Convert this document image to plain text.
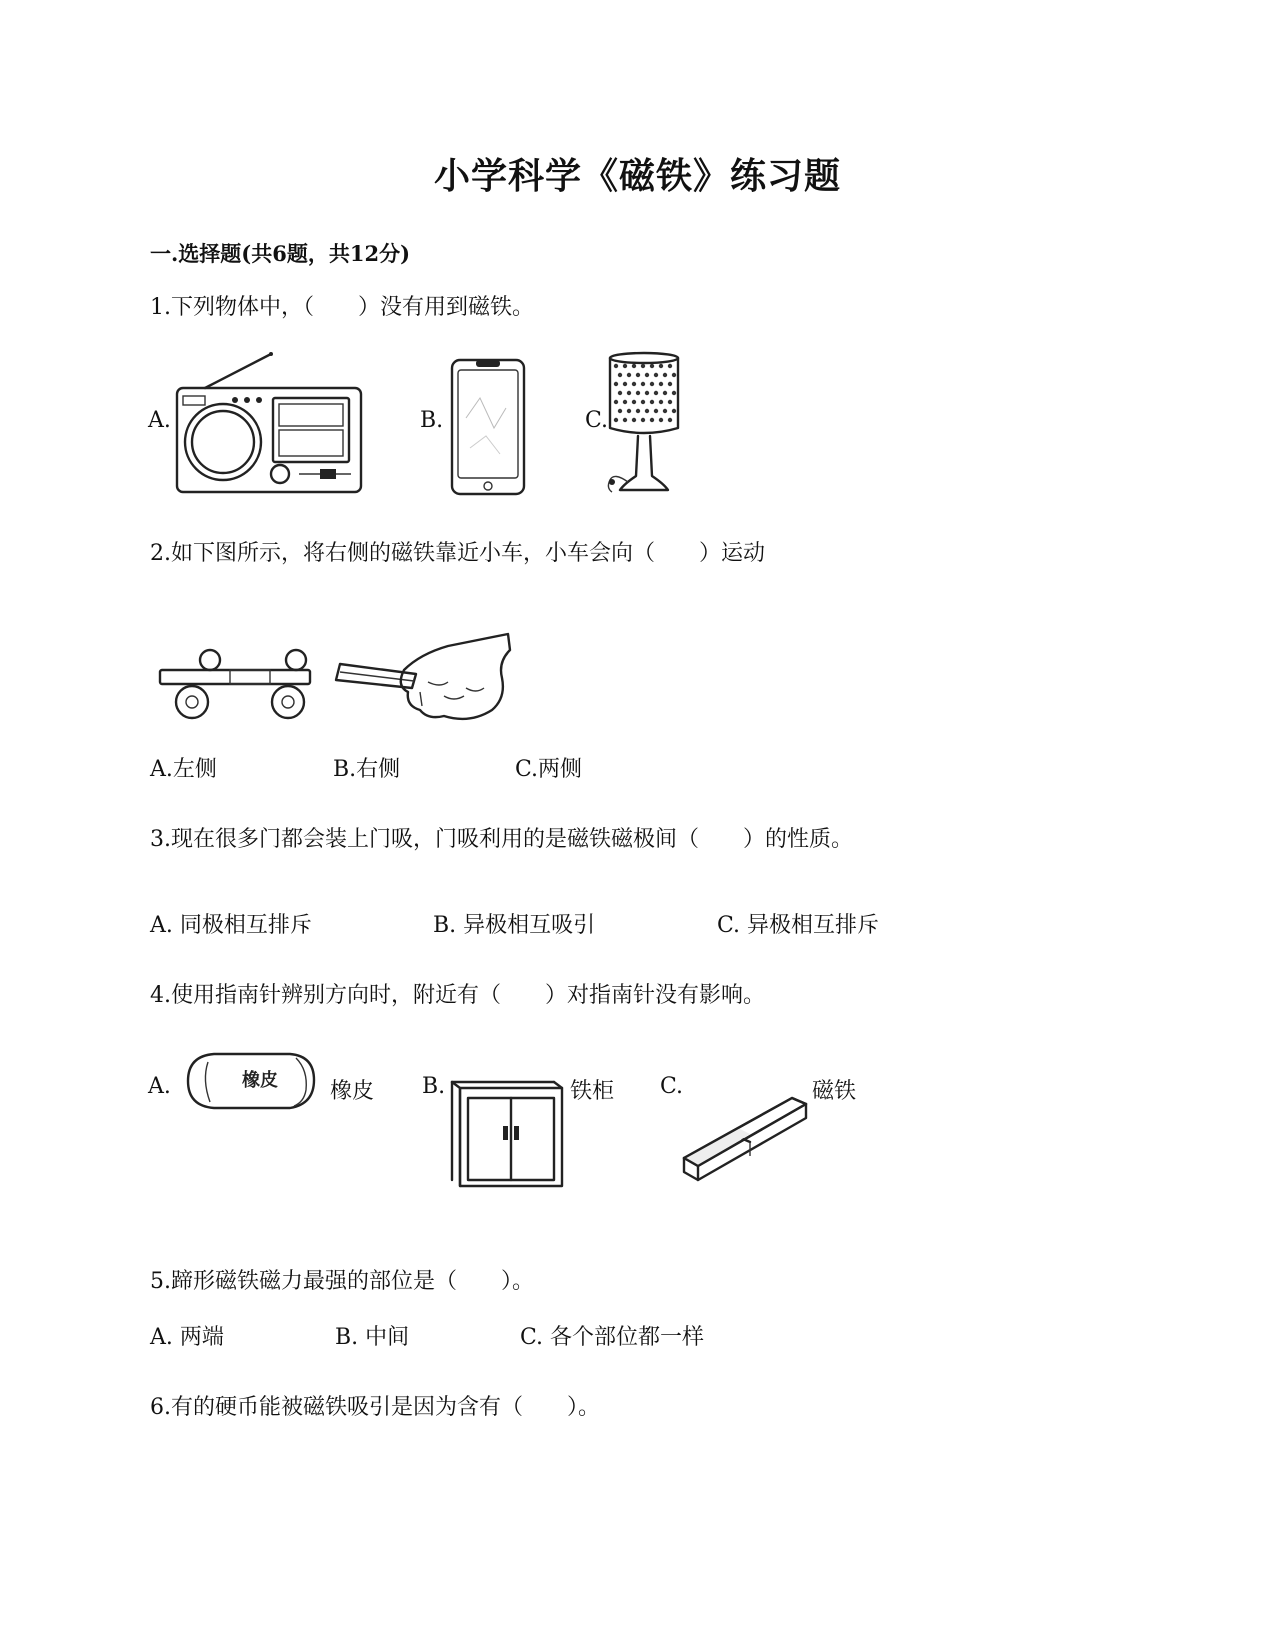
小学科学《磁铁》练习题
一.选择题(共6题，共12分)
1.下列物体中，（　　）没有用到磁铁。
A.	B.	C.
2.如下图所示，将右侧的磁铁靠近小车，小车会向（　　）运动
A.左侧	B.右侧	C.两侧
3.现在很多门都会装上门吸，门吸利用的是磁铁磁极间（　　）的性质。
A. 同极相互排斥	B. 异极相互吸引	C. 异极相互排斥
4.使用指南针辨别方向时，附近有（　　）对指南针没有影响。
A.	橡皮 橡皮 B.	铁柜 C.	磁铁
5.蹄形磁铁磁力最强的部位是（　　）。
A. 两端	B. 中间	C. 各个部位都一样
6.有的硬币能被磁铁吸引是因为含有（　　）。
